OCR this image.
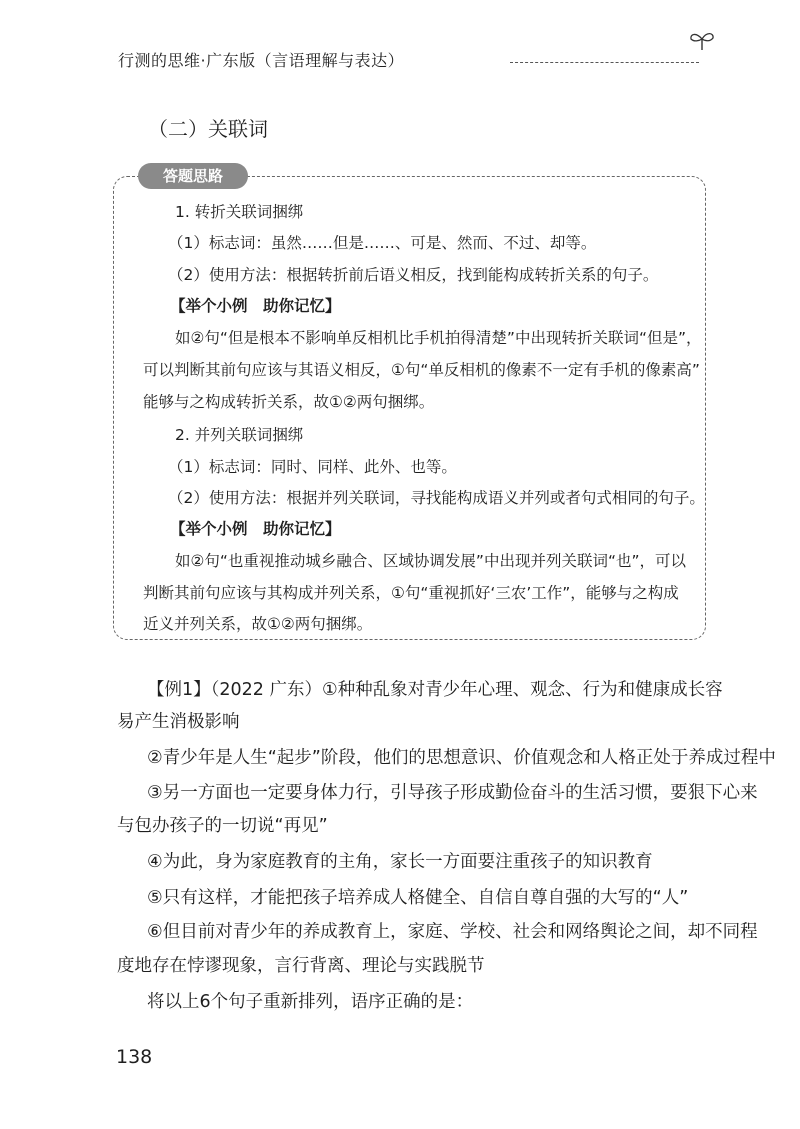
行测的思维·广东版（言语理解与表达）
（二）关联词
答题思路
1. 转折关联词捆绑
（1）标志词：虽然……但是……、可是、然而、不过、却等。
（2）使用方法：根据转折前后语义相反，找到能构成转折关系的句子。
【举个小例　助你记忆】
如②句“但是根本不影响单反相机比手机拍得清楚”中出现转折关联词“但是”，
可以判断其前句应该与其语义相反，①句“单反相机的像素不一定有手机的像素高”
能够与之构成转折关系，故①②两句捆绑。
2. 并列关联词捆绑
（1）标志词：同时、同样、此外、也等。
（2）使用方法：根据并列关联词，寻找能构成语义并列或者句式相同的句子。
【举个小例　助你记忆】
如②句“也重视推动城乡融合、区域协调发展”中出现并列关联词“也”，可以
判断其前句应该与其构成并列关系，①句“重视抓好‘三农’工作”，能够与之构成
近义并列关系，故①②两句捆绑。
【例1】（2022 广东）①种种乱象对青少年心理、观念、行为和健康成长容
易产生消极影响
②青少年是人生“起步”阶段，他们的思想意识、价值观念和人格正处于养成过程中
③另一方面也一定要身体力行，引导孩子形成勤俭奋斗的生活习惯，要狠下心来
与包办孩子的一切说“再见”
④为此，身为家庭教育的主角，家长一方面要注重孩子的知识教育
⑤只有这样，才能把孩子培养成人格健全、自信自尊自强的大写的“人”
⑥但目前对青少年的养成教育上，家庭、学校、社会和网络舆论之间，却不同程
度地存在悖谬现象，言行背离、理论与实践脱节
将以上6个句子重新排列，语序正确的是：
138
